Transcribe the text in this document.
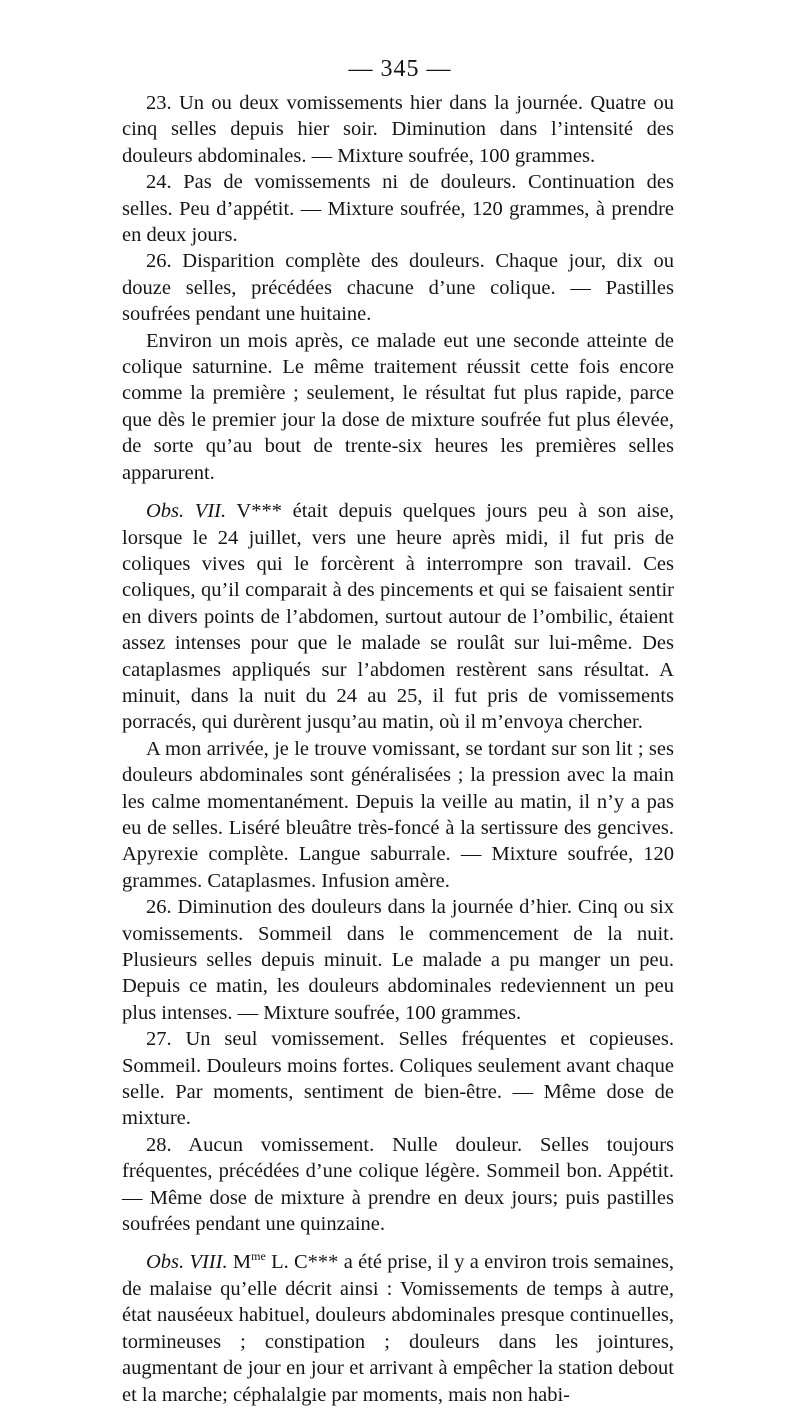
— 345 —

23. Un ou deux vomissements hier dans la journée. Quatre ou cinq selles depuis hier soir. Diminution dans l’intensité des douleurs abdominales. — Mixture soufrée, 100 grammes.

24. Pas de vomissements ni de douleurs. Continuation des selles. Peu d’appétit. — Mixture soufrée, 120 grammes, à prendre en deux jours.

26. Disparition complète des douleurs. Chaque jour, dix ou douze selles, précédées chacune d’une colique. — Pastilles soufrées pendant une huitaine.

Environ un mois après, ce malade eut une seconde atteinte de colique saturnine. Le même traitement réussit cette fois encore comme la première ; seulement, le résultat fut plus rapide, parce que dès le premier jour la dose de mixture soufrée fut plus élevée, de sorte qu’au bout de trente-six heures les premières selles apparurent.

Obs. VII. V*** était depuis quelques jours peu à son aise, lorsque le 24 juillet, vers une heure après midi, il fut pris de coliques vives qui le forcèrent à interrompre son travail. Ces coliques, qu’il comparait à des pincements et qui se faisaient sentir en divers points de l’abdomen, surtout autour de l’ombilic, étaient assez intenses pour que le malade se roulât sur lui-même. Des cataplasmes appliqués sur l’abdomen restèrent sans résultat. A minuit, dans la nuit du 24 au 25, il fut pris de vomissements porracés, qui durèrent jusqu’au matin, où il m’envoya chercher.

A mon arrivée, je le trouve vomissant, se tordant sur son lit ; ses douleurs abdominales sont généralisées ; la pression avec la main les calme momentanément. Depuis la veille au matin, il n’y a pas eu de selles. Liséré bleuâtre très-foncé à la sertissure des gencives. Apyrexie complète. Langue saburrale. — Mixture soufrée, 120 grammes. Cataplasmes. Infusion amère.

26. Diminution des douleurs dans la journée d’hier. Cinq ou six vomissements. Sommeil dans le commencement de la nuit. Plusieurs selles depuis minuit. Le malade a pu manger un peu. Depuis ce matin, les douleurs abdominales redeviennent un peu plus intenses. — Mixture soufrée, 100 grammes.

27. Un seul vomissement. Selles fréquentes et copieuses. Sommeil. Douleurs moins fortes. Coliques seulement avant chaque selle. Par moments, sentiment de bien-être. — Même dose de mixture.

28. Aucun vomissement. Nulle douleur. Selles toujours fréquentes, précédées d’une colique légère. Sommeil bon. Appétit. — Même dose de mixture à prendre en deux jours; puis pastilles soufrées pendant une quinzaine.

Obs. VIII. $M^{me}$ L. C*** a été prise, il y a environ trois semaines, de malaise qu’elle décrit ainsi : Vomissements de temps à autre, état nauséeux habituel, douleurs abdominales presque continuelles, tormineuses ; constipation ; douleurs dans les jointures, augmentant de jour en jour et arrivant à empêcher la station debout et la marche; céphalalgie par moments, mais non habi-
